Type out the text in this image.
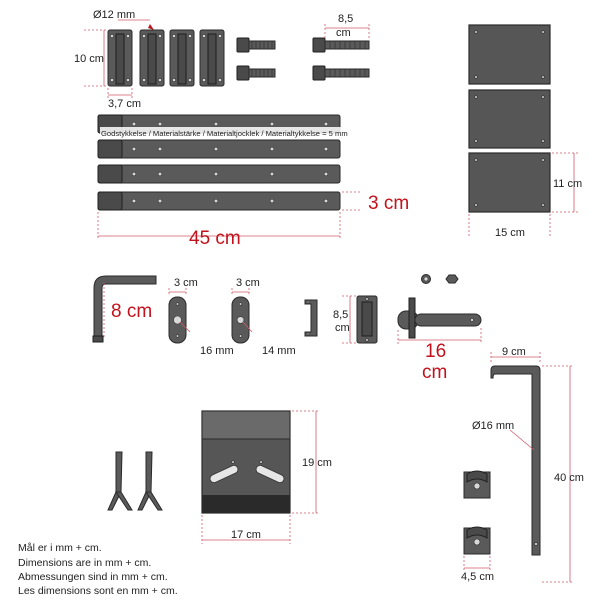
Ø12 mm
10 cm
3,7 cm
8,5
cm
Godstykkelse / Materialstärke / Materialtjocklek / Materialtykkelse = 5 mm
3 cm
45 cm
11 cm
15 cm
8 cm
3 cm
16 mm
3 cm
14 mm
8,5
cm
16
cm
9 cm
Ø16 mm
40 cm
4,5 cm
19 cm
17 cm
Mål er i mm + cm.
Dimensions are in mm + cm.
Abmessungen sind in mm + cm.
Les dimensions sont en mm + cm.
